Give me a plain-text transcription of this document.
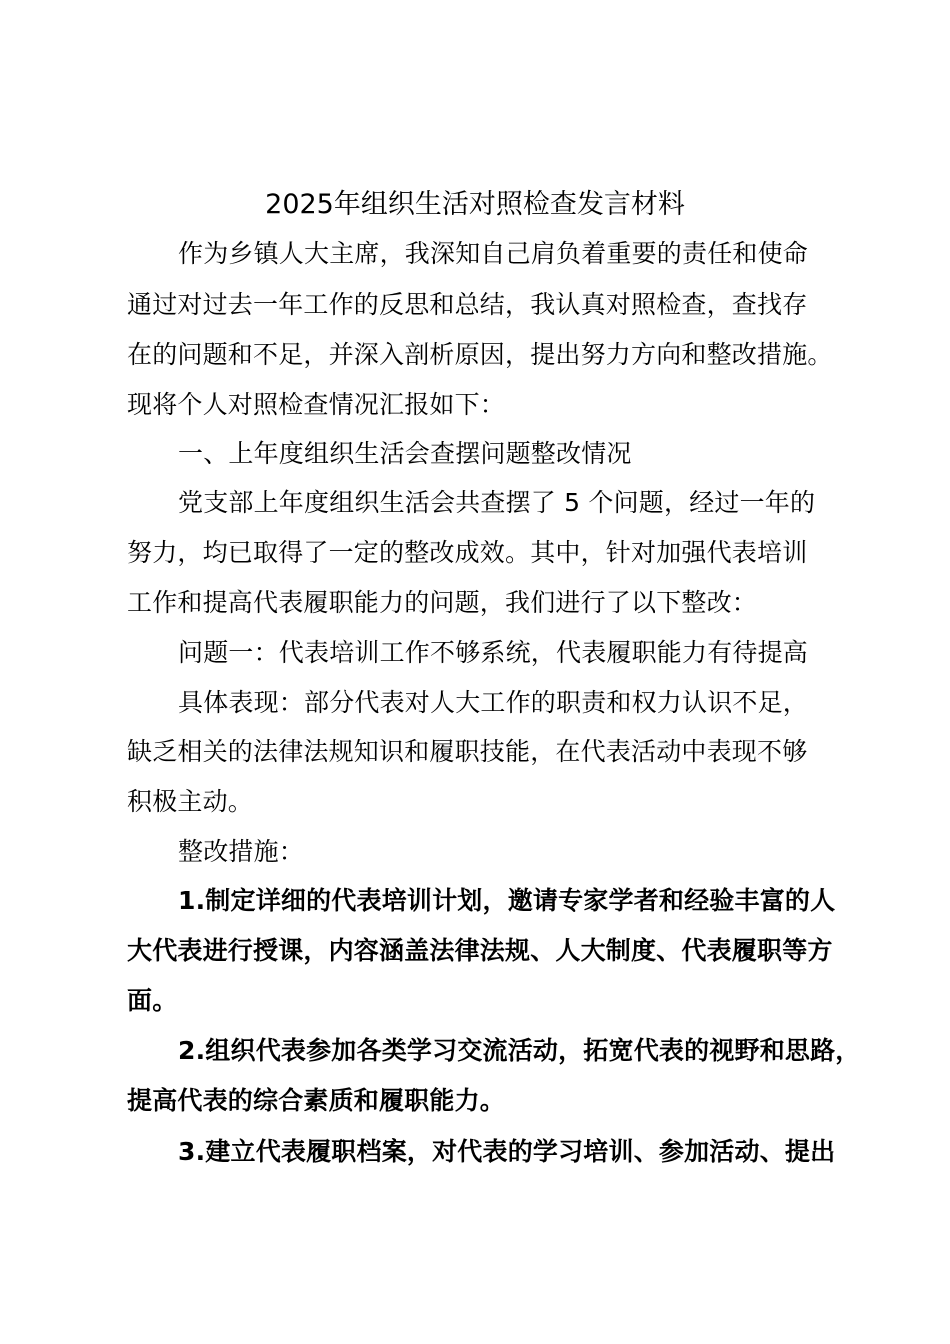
2025年组织生活对照检查发言材料
作为乡镇人大主席，我深知自己肩负着重要的责任和使命
通过对过去一年工作的反思和总结，我认真对照检查，查找存
在的问题和不足，并深入剖析原因，提出努力方向和整改措施。
现将个人对照检查情况汇报如下：
一、上年度组织生活会查摆问题整改情况
党支部上年度组织生活会共查摆了 5 个问题，经过一年的
努力，均已取得了一定的整改成效。其中，针对加强代表培训
工作和提高代表履职能力的问题，我们进行了以下整改：
问题一：代表培训工作不够系统，代表履职能力有待提高
具体表现：部分代表对人大工作的职责和权力认识不足，
缺乏相关的法律法规知识和履职技能，在代表活动中表现不够
积极主动。
整改措施：
1.制定详细的代表培训计划，邀请专家学者和经验丰富的人
大代表进行授课，内容涵盖法律法规、人大制度、代表履职等方
面。
2.组织代表参加各类学习交流活动，拓宽代表的视野和思路，
提高代表的综合素质和履职能力。
3.建立代表履职档案，对代表的学习培训、参加活动、提出
